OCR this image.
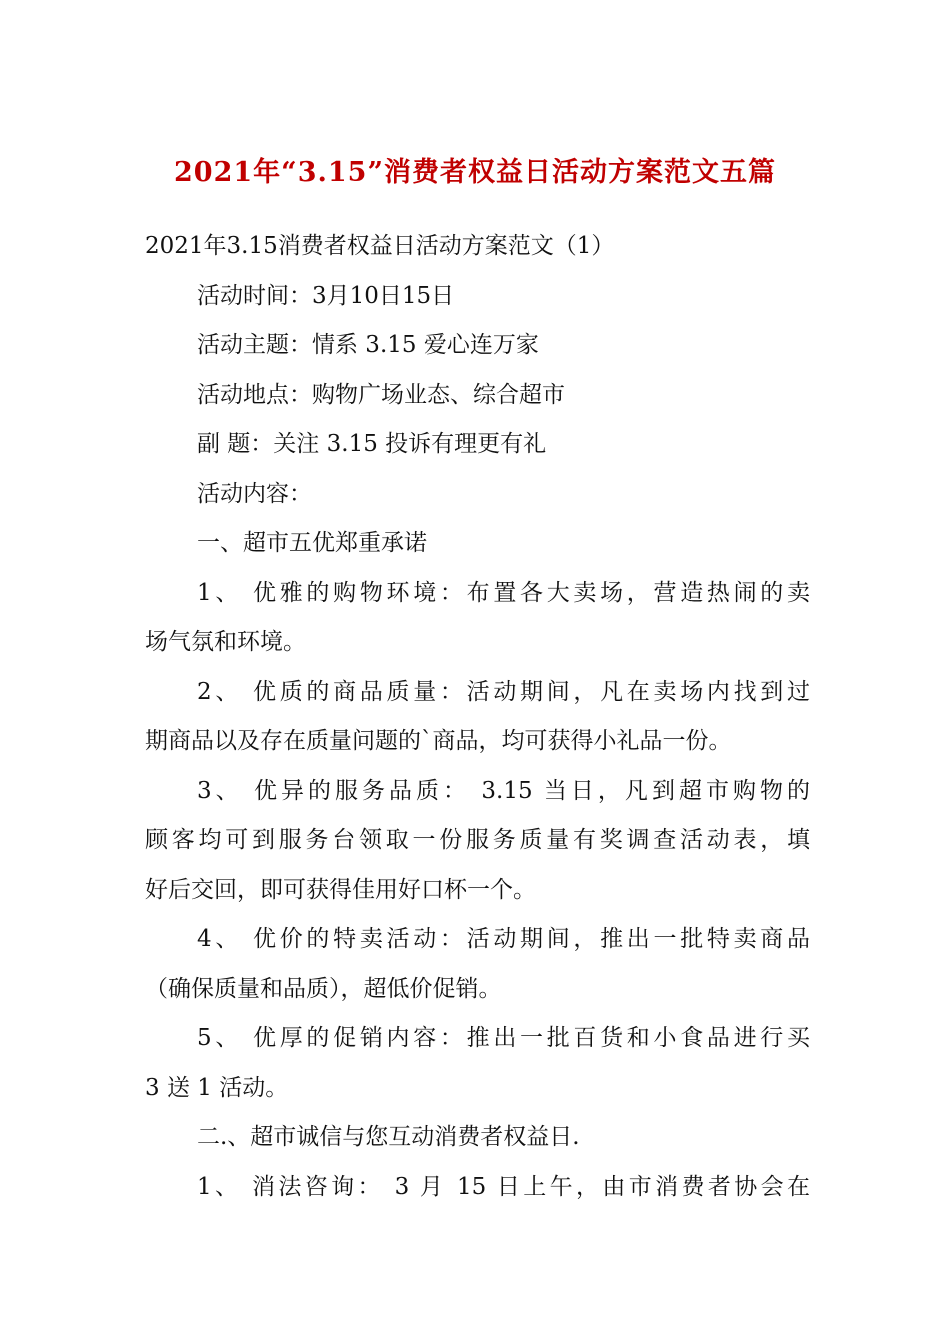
2021年“3.15”消费者权益日活动方案范文五篇

2021年3.15消费者权益日活动方案范文（1）

活动时间：3月10日15日

活动主题：情系 3.15 爱心连万家

活动地点：购物广场业态、综合超市

副 题：关注 3.15 投诉有理更有礼

活动内容：

一、超市五优郑重承诺

1、 优雅的购物环境：布置各大卖场，营造热闹的卖

场气氛和环境。

2、 优质的商品质量：活动期间，凡在卖场内找到过

期商品以及存在质量问题的`商品，均可获得小礼品一份。

3、 优异的服务品质： 3.15 当日，凡到超市购物的

顾客均可到服务台领取一份服务质量有奖调查活动表，填

好后交回，即可获得佳用好口杯一个。

4、 优价的特卖活动：活动期间，推出一批特卖商品

（确保质量和品质），超低价促销。

5、 优厚的促销内容：推出一批百货和小食品进行买

3 送 1 活动。

二.、超市诚信与您互动消费者权益日.

1、 消法咨询： 3 月 15 日上午，由市消费者协会在
